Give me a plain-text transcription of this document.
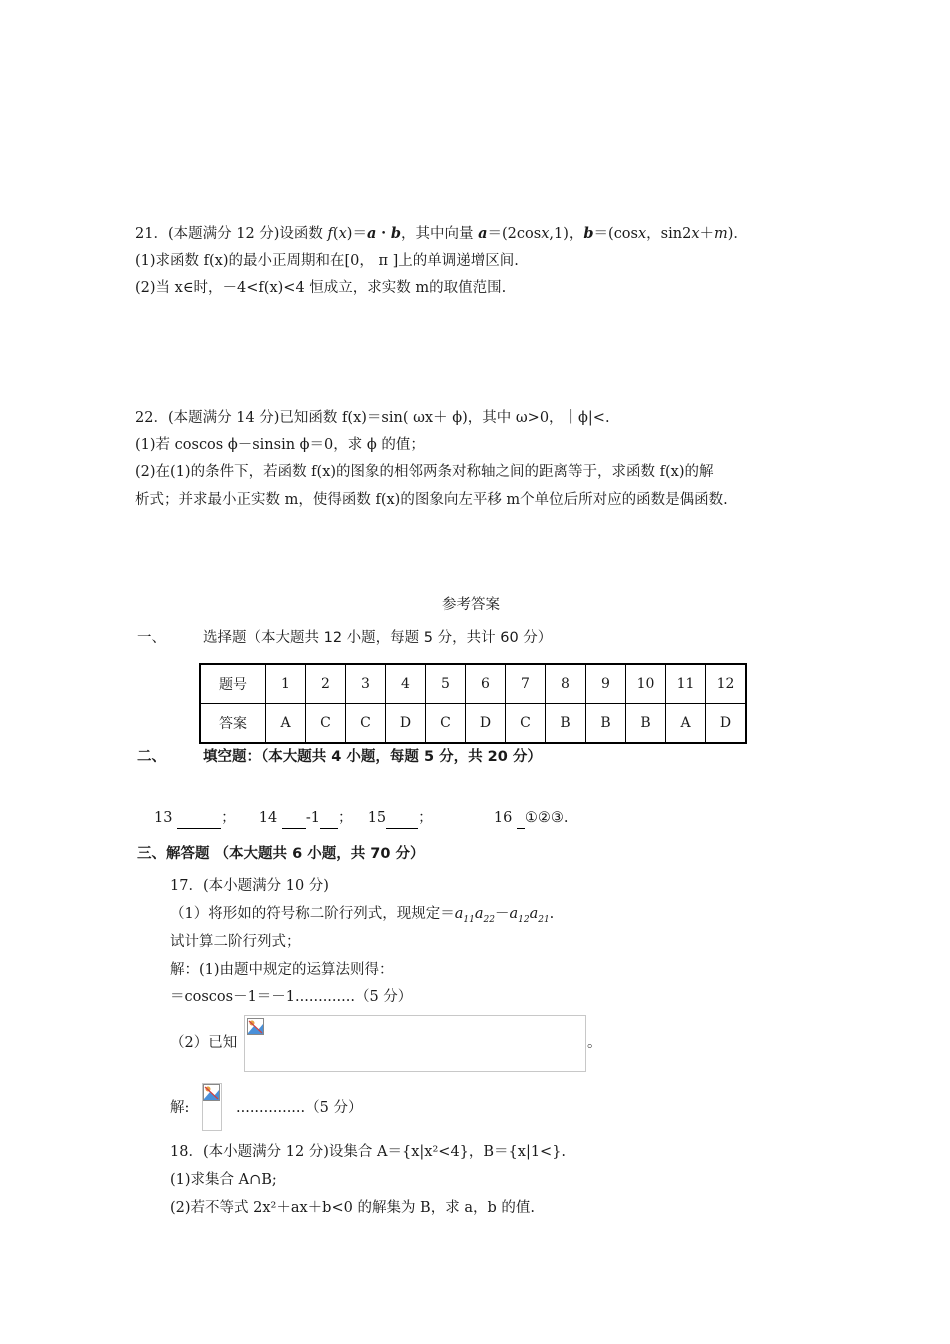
21．(本题满分 12 分)设函数 f(x)＝a・b，其中向量 a＝(2cosx,1)，b＝(cosx，sin2x＋m)．
(1)求函数 f(x)的最小正周期和在[0， π ]上的单调递增区间.
(2)当 x∈时，－4<f(x)<4 恒成立，求实数 m的取值范围.
22．(本题满分 14 分)已知函数 f(x)＝sin( ωx＋ ϕ)，其中 ω>0，｜ϕ|<.
(1)若 coscos ϕ－sinsin ϕ＝0，求 ϕ 的值；
(2)在(1)的条件下，若函数 f(x)的图象的相邻两条对称轴之间的距离等于，求函数 f(x)的解
析式；并求最小正实数 m，使得函数 f(x)的图象向左平移 m个单位后所对应的函数是偶函数.
参考答案
一、	选择题（本大题共 12 小题，每题 5 分，共计 60 分）
题号	1	2	3	4	5	6	7	8	9	10	11	12
答案	A	C	C	D	C	D	C	B	B	B	A	D
二、	填空题：（本大题共 4 小题，每题 5 分，共 20 分）
13	；  14 -1 ；  15 ；	16 ①②③.
三、解答题 （本大题共 6 小题，共 70 分）
17．(本小题满分 10 分)
（1）将形如的符号称二阶行列式，现规定$=a_{11}a_{22}-a_{12}a_{21}$.
试计算二阶行列式；
解：(1)由题中规定的运算法则得：
＝coscos－1＝－1.............（5 分）
（2）已知	。
解:	...............（5 分）
18．(本小题满分 12 分)设集合 A＝{x|x²<4}，B＝{x|1<}.
(1)求集合 A∩B;
(2)若不等式 2x²＋ax＋b<0 的解集为 B，求 a，b 的值.
